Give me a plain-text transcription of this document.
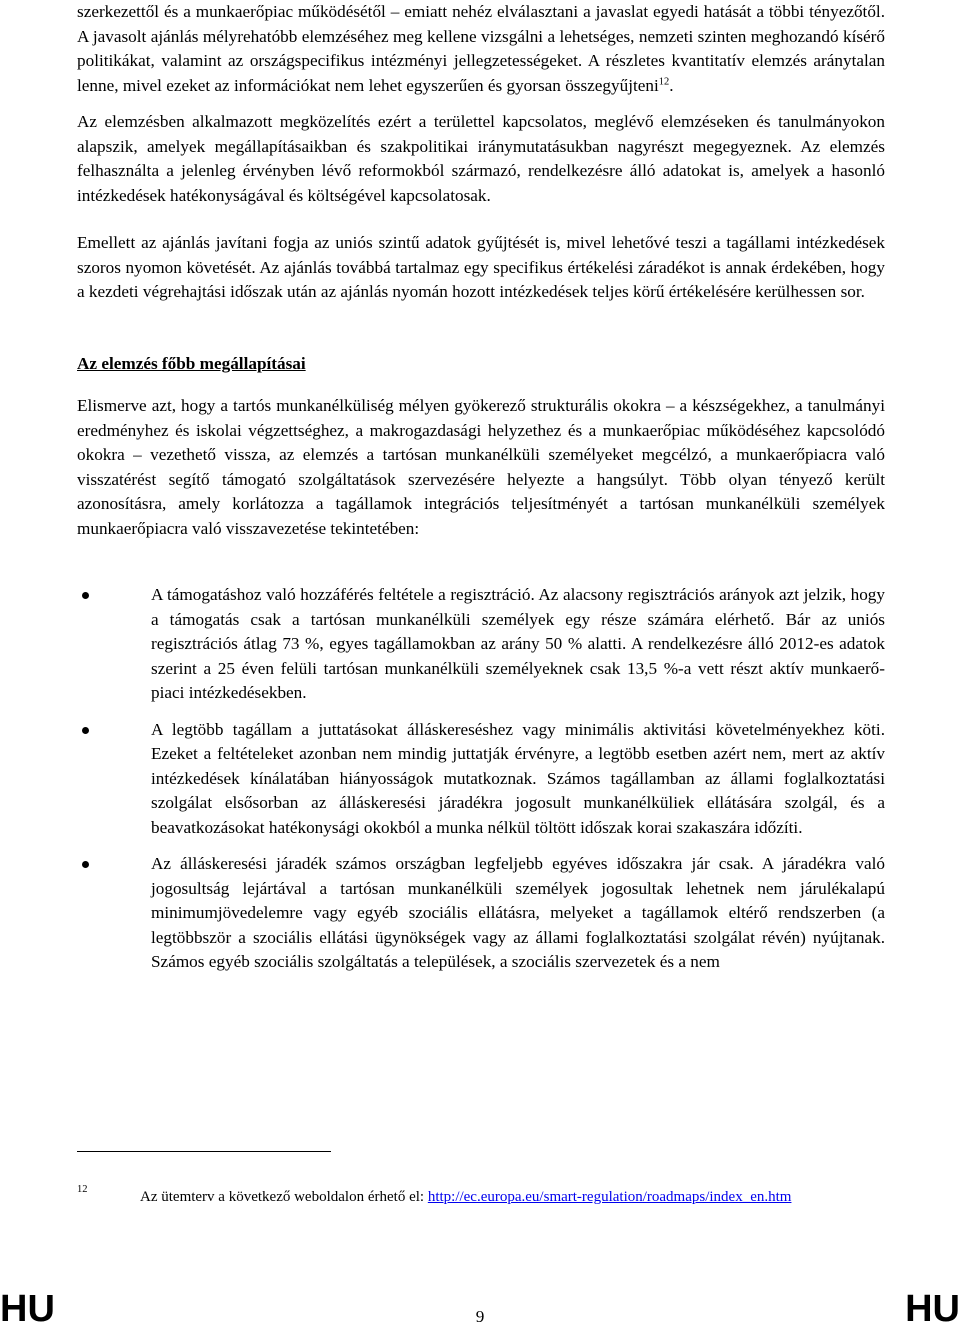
szerkezettől és a munkaerőpiac működésétől – emiatt nehéz elválasztani a javaslat egyedi hatását a többi tényezőtől. A javasolt ajánlás mélyrehatóbb elemzéséhez meg kellene vizsgálni a lehetséges, nemzeti szinten meghozandó kísérő politikákat, valamint az országspecifikus intézményi jellegzetességeket. A részletes kvantitatív elemzés aránytalan lenne, mivel ezeket az információkat nem lehet egyszerűen és gyorsan összegyűjteni$^{12}$.

Az elemzésben alkalmazott megközelítés ezért a területtel kapcsolatos, meglévő elemzéseken és tanulmányokon alapszik, amelyek megállapításaikban és szakpolitikai iránymutatásukban nagyrészt megegyeznek. Az elemzés felhasználta a jelenleg érvényben lévő reformokból származó, rendelkezésre álló adatokat is, amelyek a hasonló intézkedések hatékonyságával és költségével kapcsolatosak.

Emellett az ajánlás javítani fogja az uniós szintű adatok gyűjtését is, mivel lehetővé teszi a tagállami intézkedések szoros nyomon követését. Az ajánlás továbbá tartalmaz egy specifikus értékelési záradékot is annak érdekében, hogy a kezdeti végrehajtási időszak után az ajánlás nyomán hozott intézkedések teljes körű értékelésére kerülhessen sor.

Az elemzés főbb megállapításai

Elismerve azt, hogy a tartós munkanélküliség mélyen gyökerező strukturális okokra – a készségekhez, a tanulmányi eredményhez és iskolai végzettséghez, a makrogazdasági helyzethez és a munkaerőpiac működéséhez kapcsolódó okokra – vezethető vissza, az elemzés a tartósan munkanélküli személyeket megcélzó, a munkaerőpiacra való visszatérést segítő támogató szolgáltatások szervezésére helyezte a hangsúlyt. Több olyan tényező került azonosításra, amely korlátozza a tagállamok integrációs teljesítményét a tartósan munkanélküli személyek munkaerőpiacra való visszavezetése tekintetében:

A támogatáshoz való hozzáférés feltétele a regisztráció. Az alacsony regisztrációs arányok azt jelzik, hogy a támogatás csak a tartósan munkanélküli személyek egy része számára elérhető. Bár az uniós regisztrációs átlag 73 %, egyes tagállamokban az arány 50 % alatti. A rendelkezésre álló 2012-es adatok szerint a 25 éven felüli tartósan munkanélküli személyeknek csak 13,5 %-a vett részt aktív munkaerő-piaci intézkedésekben.
A legtöbb tagállam a juttatásokat álláskereséshez vagy minimális aktivitási követelményekhez köti. Ezeket a feltételeket azonban nem mindig juttatják érvényre, a legtöbb esetben azért nem, mert az aktív intézkedések kínálatában hiányosságok mutatkoznak. Számos tagállamban az állami foglalkoztatási szolgálat elsősorban az álláskeresési járadékra jogosult munkanélküliek ellátására szolgál, és a beavatkozásokat hatékonysági okokból a munka nélkül töltött időszak korai szakaszára időzíti.
Az álláskeresési járadék számos országban legfeljebb egyéves időszakra jár csak. A járadékra való jogosultság lejártával a tartósan munkanélküli személyek jogosultak lehetnek nem járulékalapú minimumjövedelemre vagy egyéb szociális ellátásra, melyeket a tagállamok eltérő rendszerben (a legtöbbször a szociális ellátási ügynökségek vagy az állami foglalkoztatási szolgálat révén) nyújtanak. Számos egyéb szociális szolgáltatás a települések, a szociális szervezetek és a nem
12	Az ütemterv a következő weboldalon érhető el: http://ec.europa.eu/smart-regulation/roadmaps/index_en.htm
HU	9	HU
